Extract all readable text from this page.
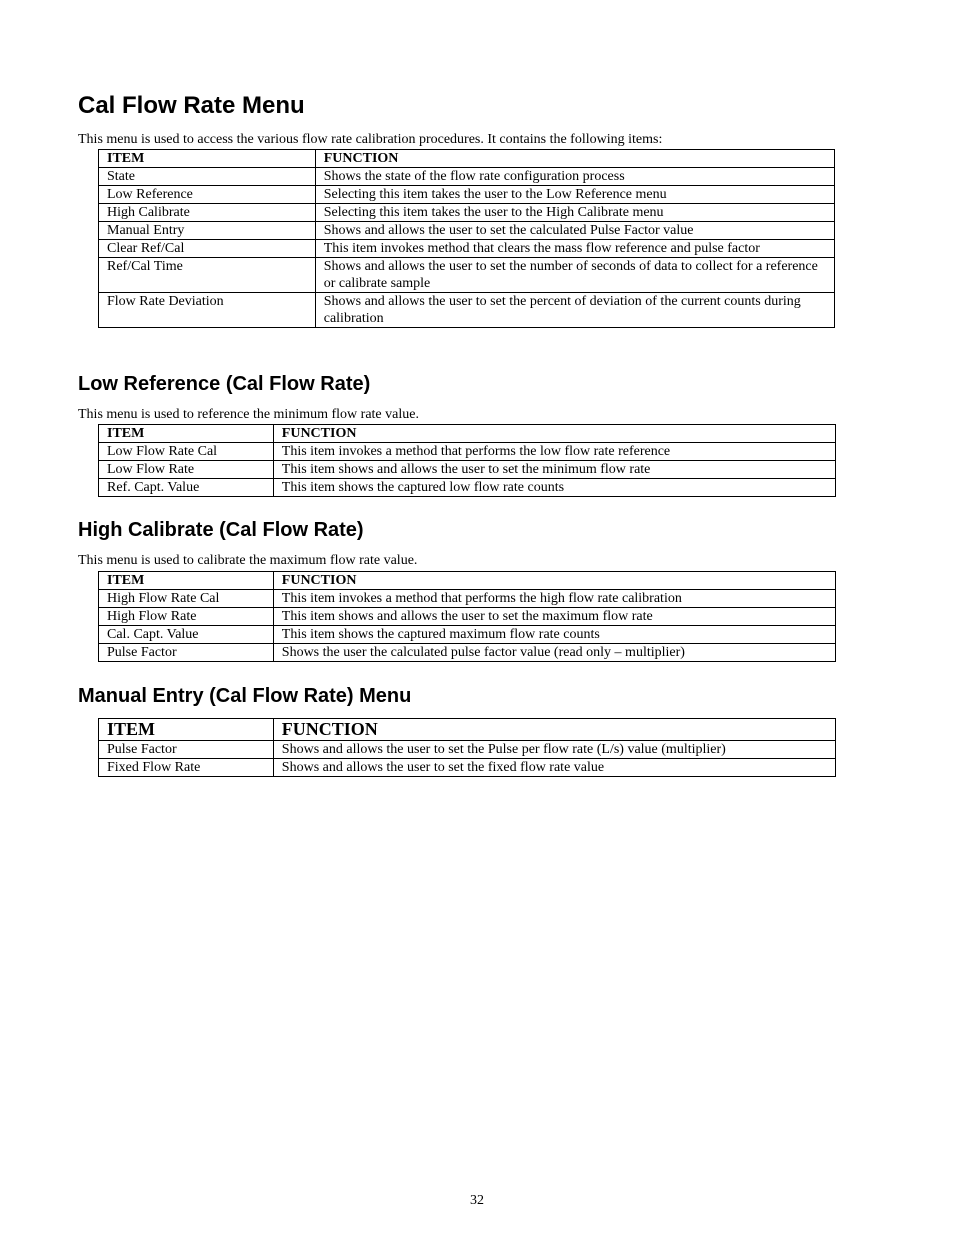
Cal Flow Rate Menu

This menu is used to access the various flow rate calibration procedures. It contains the following items:

ITEM	FUNCTION
State	Shows the state of the flow rate configuration process
Low Reference	Selecting this item takes the user to the Low Reference menu
High Calibrate	Selecting this item takes the user to the High Calibrate menu
Manual Entry	Shows and allows the user to set the calculated Pulse Factor value
Clear Ref/Cal	This item invokes method that clears the mass flow reference and pulse factor
Ref/Cal Time	Shows and allows the user to set the number of seconds of data to collect for a reference or calibrate sample
Flow Rate Deviation	Shows and allows the user to set the percent of deviation of the current counts during calibration
Low Reference (Cal Flow Rate)

This menu is used to reference the minimum flow rate value.

ITEM	FUNCTION
Low Flow Rate Cal	This item invokes a method that performs the low flow rate reference
Low Flow Rate	This item shows and allows the user to set the minimum flow rate
Ref. Capt. Value	This item shows the captured low flow rate counts
High Calibrate (Cal Flow Rate)

This menu is used to calibrate the maximum flow rate value.

ITEM	FUNCTION
High Flow Rate Cal	This item invokes a method that performs the high flow rate calibration
High Flow Rate	This item shows and allows the user to set the maximum flow rate
Cal. Capt. Value	This item shows the captured maximum flow rate counts
Pulse Factor	Shows the user the calculated pulse factor value (read only – multiplier)
Manual Entry (Cal Flow Rate) Menu
ITEM	FUNCTION
Pulse Factor	Shows and allows the user to set the Pulse per flow rate (L/s) value (multiplier)
Fixed Flow Rate	Shows and allows the user to set the fixed flow rate value

32
